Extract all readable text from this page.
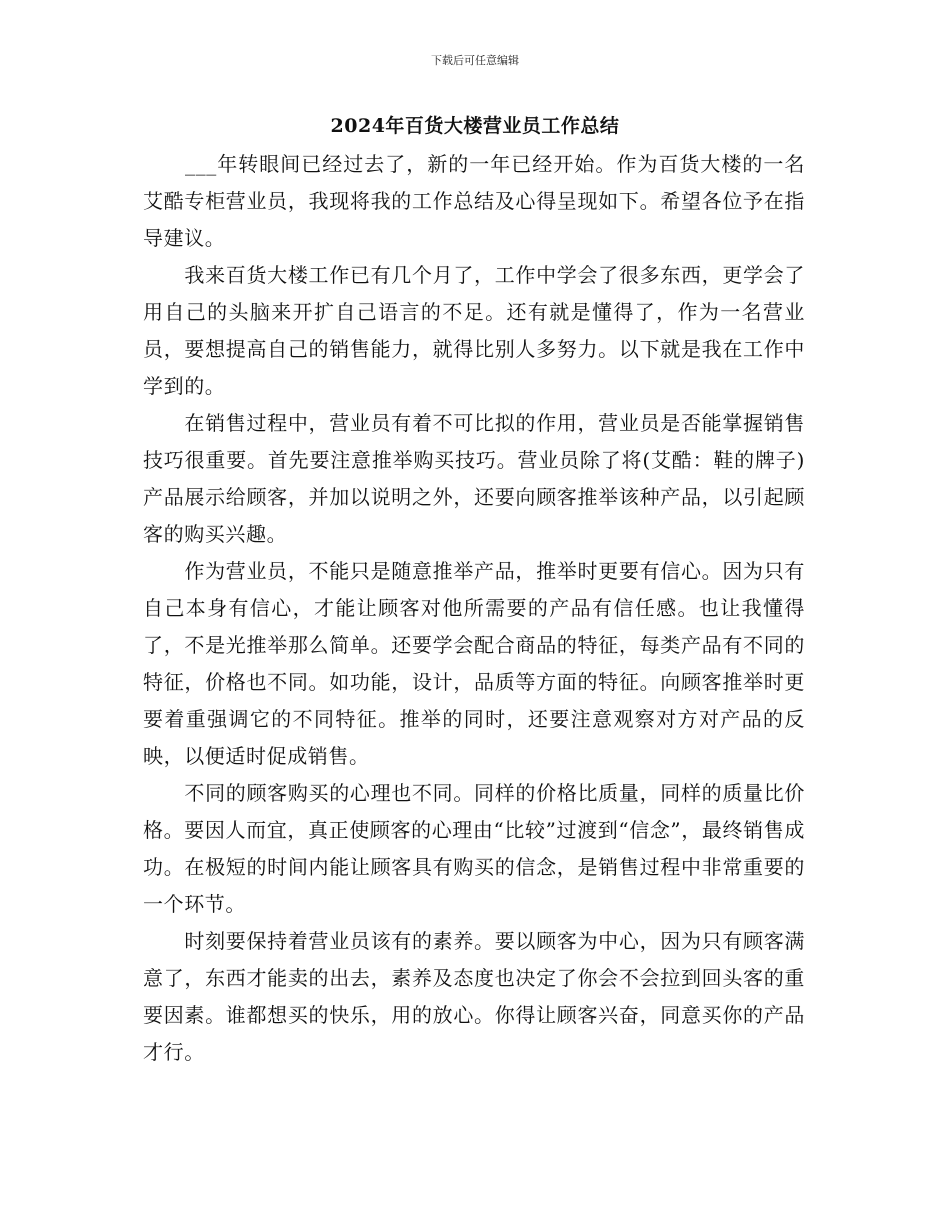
下载后可任意编辑
2024年百货大楼营业员工作总结

　　___年转眼间已经过去了，新的一年已经开始。作为百货大楼的一名艾酷专柜营业员，我现将我的工作总结及心得呈现如下。希望各位予在指导建议。

　　我来百货大楼工作已有几个月了，工作中学会了很多东西，更学会了用自己的头脑来开扩自己语言的不足。还有就是懂得了，作为一名营业员，要想提高自己的销售能力，就得比别人多努力。以下就是我在工作中学到的。

　　在销售过程中，营业员有着不可比拟的作用，营业员是否能掌握销售技巧很重要。首先要注意推举购买技巧。营业员除了将(艾酷：鞋的牌子)产品展示给顾客，并加以说明之外，还要向顾客推举该种产品，以引起顾客的购买兴趣。

　　作为营业员，不能只是随意推举产品，推举时更要有信心。因为只有自己本身有信心，才能让顾客对他所需要的产品有信任感。也让我懂得了，不是光推举那么简单。还要学会配合商品的特征，每类产品有不同的特征，价格也不同。如功能，设计，品质等方面的特征。向顾客推举时更要着重强调它的不同特征。推举的同时，还要注意观察对方对产品的反映，以便适时促成销售。

　　不同的顾客购买的心理也不同。同样的价格比质量，同样的质量比价格。要因人而宜，真正使顾客的心理由“比较”过渡到“信念”，最终销售成功。在极短的时间内能让顾客具有购买的信念，是销售过程中非常重要的一个环节。

　　时刻要保持着营业员该有的素养。要以顾客为中心，因为只有顾客满意了，东西才能卖的出去，素养及态度也决定了你会不会拉到回头客的重要因素。谁都想买的快乐，用的放心。你得让顾客兴奋，同意买你的产品才行。
